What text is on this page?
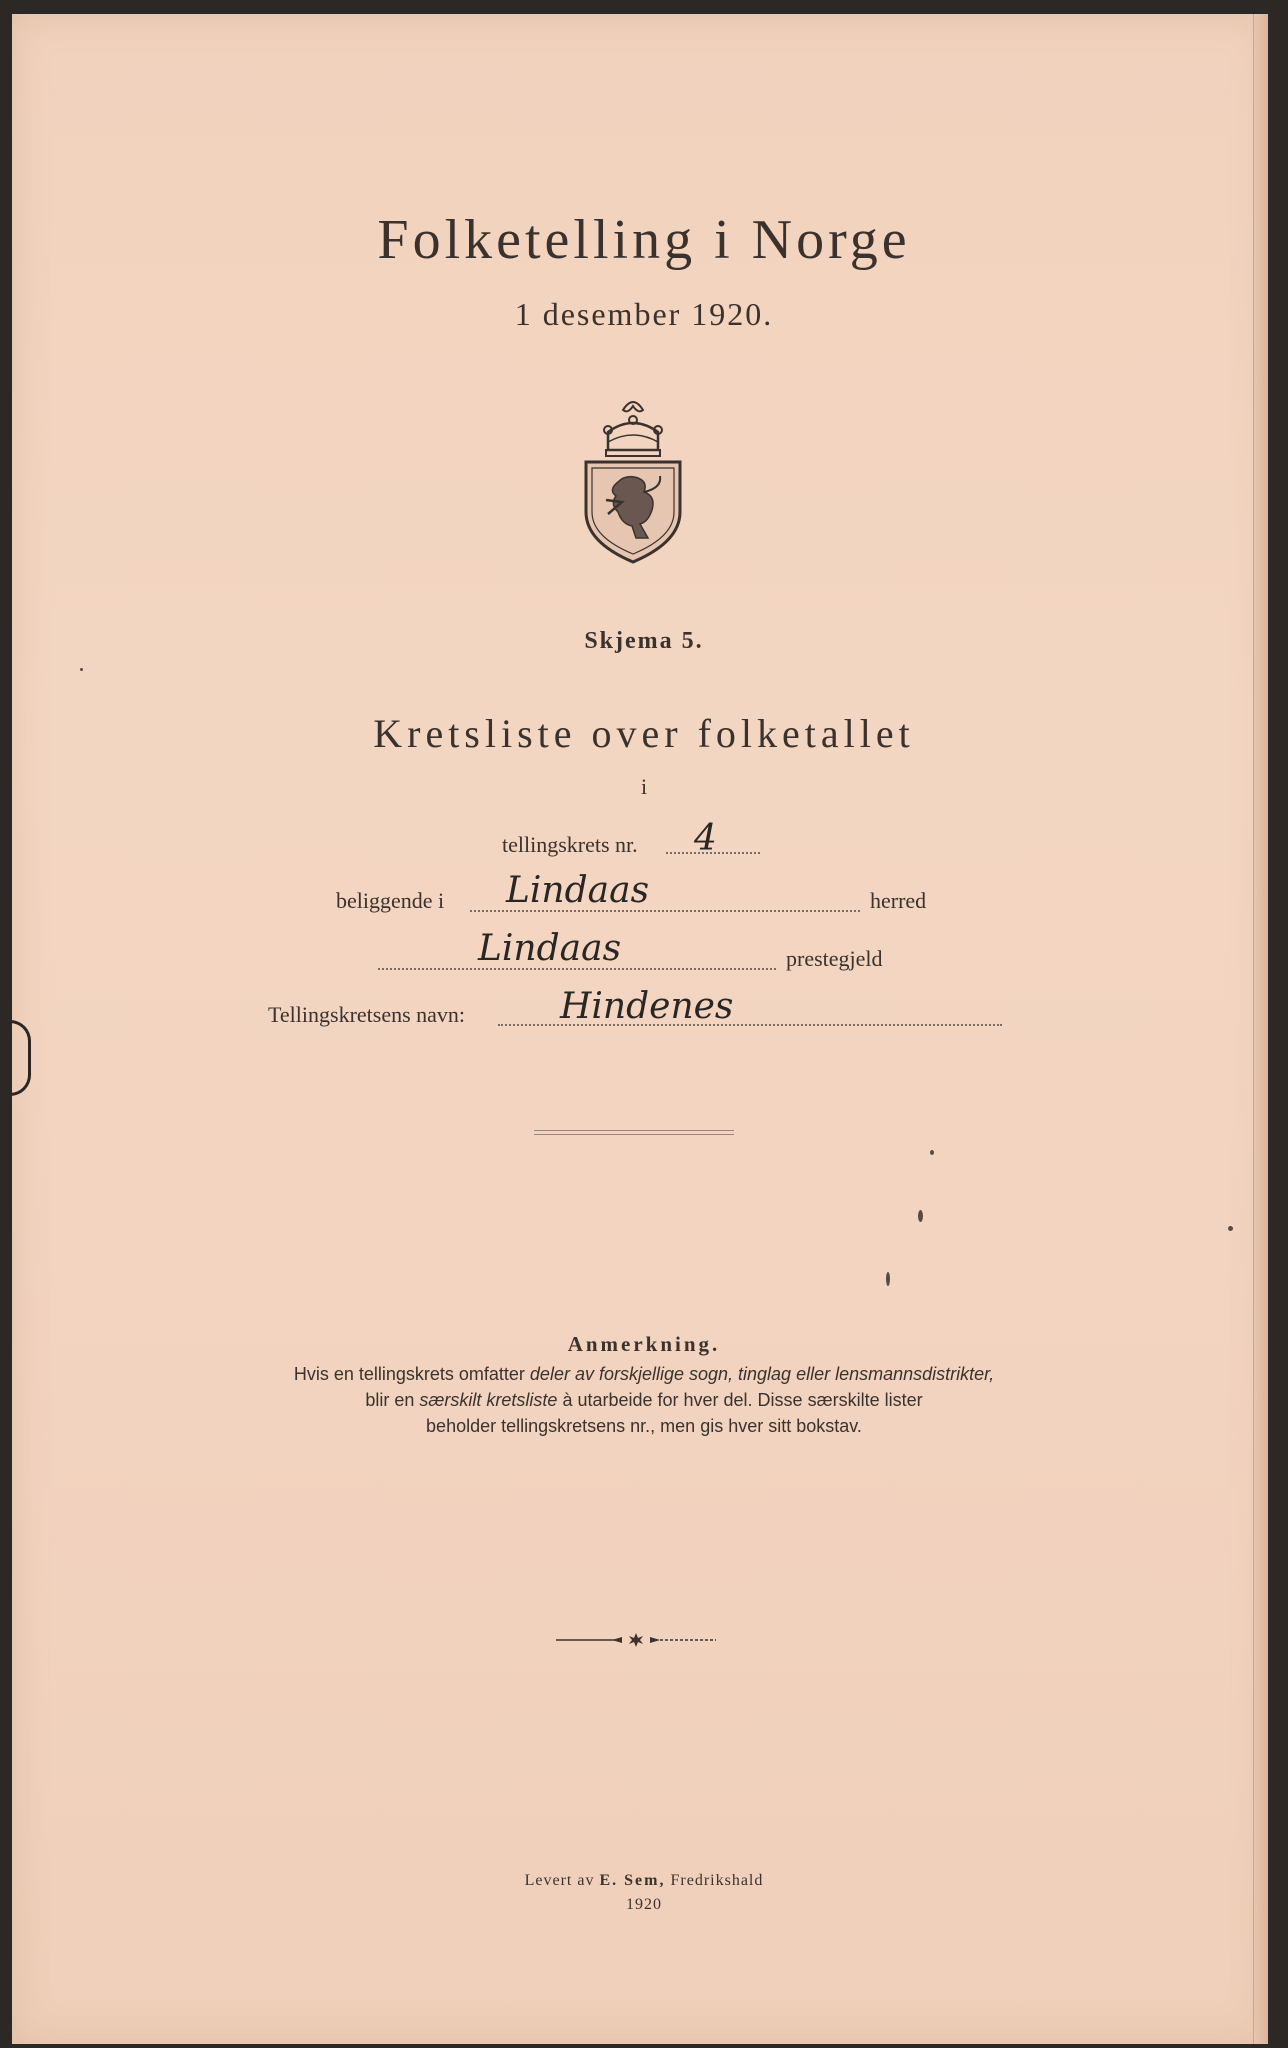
Folketelling i Norge
1 desember 1920.
Skjema 5.
Kretsliste over folketallet
i
tellingskrets nr. 4
beliggende i Lindaas	herred
Lindaas	prestegjeld
Tellingskretsens navn:	Hindenes
Anmerkning.
Hvis en tellingskrets omfatter deler av forskjellige sogn, tinglag eller lensmannsdistrikter,
blir en særskilt kretsliste à utarbeide for hver del. Disse særskilte lister
beholder tellingskretsens nr., men gis hver sitt bokstav.
Levert av E. Sem, Fredrikshald
1920
